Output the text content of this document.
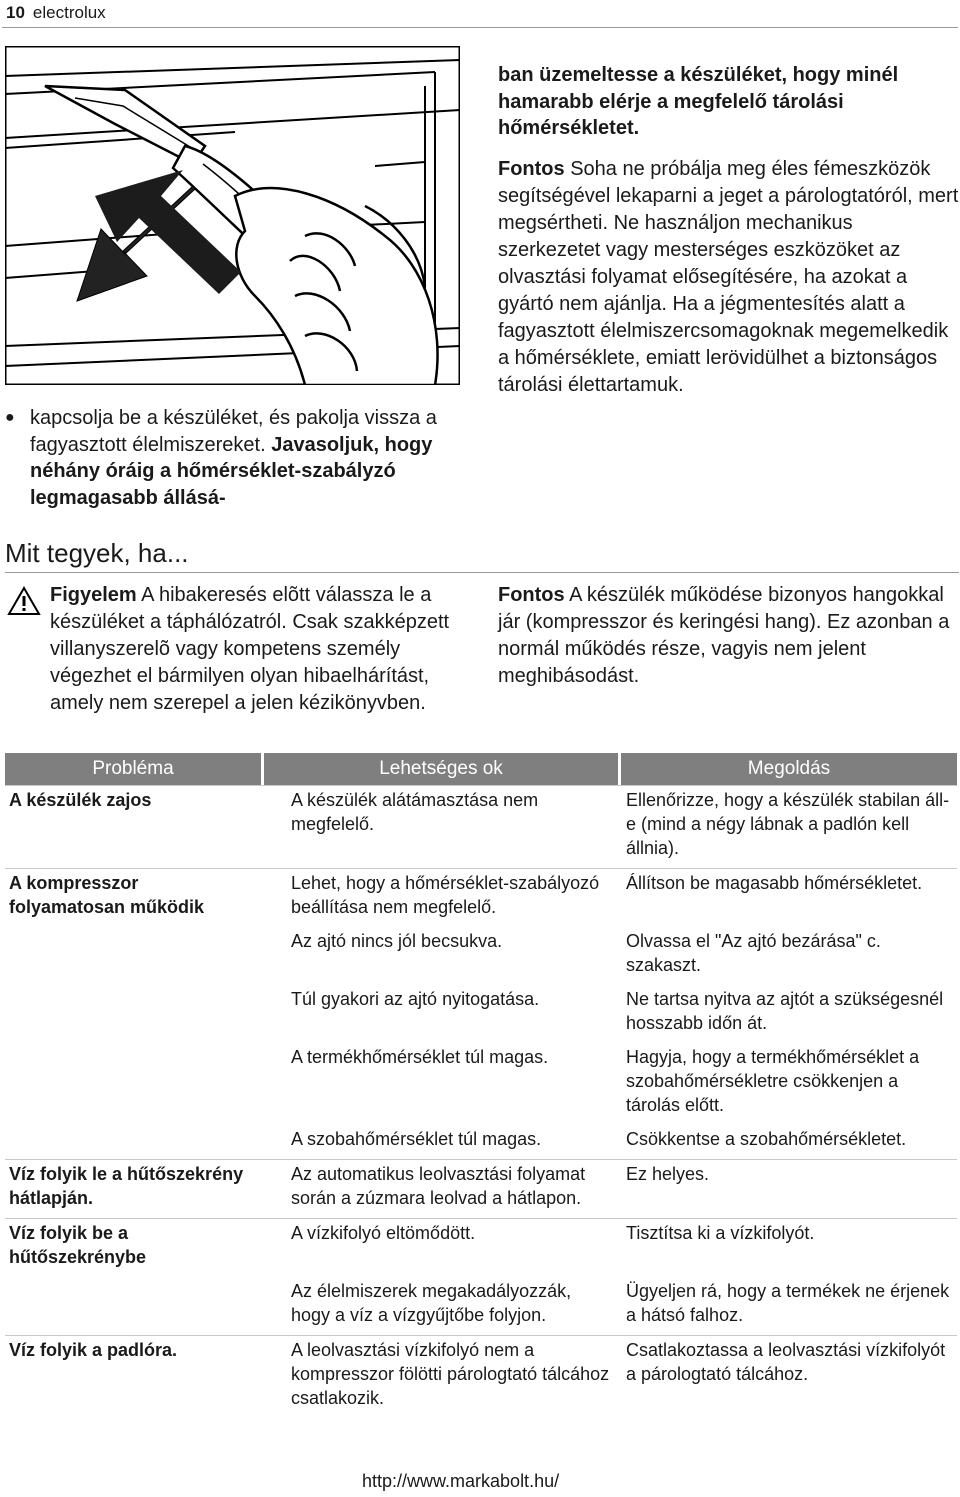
10 electrolux
● kapcsolja be a készüléket, és pakolja vissza a fagyasztott élelmiszereket. Javasoljuk, hogy néhány óráig a hőmérséklet-szabályzó legmagasabb állásá-
ban üzemeltesse a készüléket, hogy minél hamarabb elérje a megfelelő tárolási hőmérsékletet.
Fontos Soha ne próbálja meg éles fémeszközök segítségével lekaparni a jeget a párologtatóról, mert megsértheti. Ne használjon mechanikus szerkezetet vagy mesterséges eszközöket az olvasztási folyamat elősegítésére, ha azokat a gyártó nem ajánlja. Ha a jégmentesítés alatt a fagyasztott élelmiszercsomagoknak megemelkedik a hőmérséklete, emiatt lerövidülhet a biztonságos tárolási élettartamuk.
Mit tegyek, ha...
Figyelem A hibakeresés elõtt válassza le a készüléket a táphálózatról. Csak szakképzett villanyszerelõ vagy kompetens személy végezhet el bármilyen olyan hibaelhárítást, amely nem szerepel a jelen kézikönyvben.
Fontos A készülék működése bizonyos hangokkal jár (kompresszor és keringési hang). Ez azonban a normál működés része, vagyis nem jelent meghibásodást.
Probléma	Lehetséges ok	Megoldás
A készülék zajos	A készülék alátámasztása nem megfelelő.	Ellenőrizze, hogy a készülék stabilan áll-e (mind a négy lábnak a padlón kell állnia).
A kompresszor folyamatosan működik	Lehet, hogy a hőmérséklet-szabályozó beállítása nem megfelelő.	Állítson be magasabb hőmérsékletet.
	Az ajtó nincs jól becsukva.	Olvassa el "Az ajtó bezárása" c. szakaszt.
	Túl gyakori az ajtó nyitogatása.	Ne tartsa nyitva az ajtót a szükségesnél hosszabb időn át.
	A termékhőmérséklet túl magas.	Hagyja, hogy a termékhőmérséklet a szobahőmérsékletre csökkenjen a tárolás előtt.
	A szobahőmérséklet túl magas.	Csökkentse a szobahőmérsékletet.
Víz folyik le a hűtőszekrény hátlapján.	Az automatikus leolvasztási folyamat során a zúzmara leolvad a hátlapon.	Ez helyes.
Víz folyik be a hűtőszekrénybe	A vízkifolyó eltömődött.	Tisztítsa ki a vízkifolyót.
	Az élelmiszerek megakadályozzák, hogy a víz a vízgyűjtőbe folyjon.	Ügyeljen rá, hogy a termékek ne érjenek a hátsó falhoz.
Víz folyik a padlóra.	A leolvasztási vízkifolyó nem a kompresszor fölötti párologtató tálcához csatlakozik.	Csatlakoztassa a leolvasztási vízkifolyót a párologtató tálcához.
http://www.markabolt.hu/
